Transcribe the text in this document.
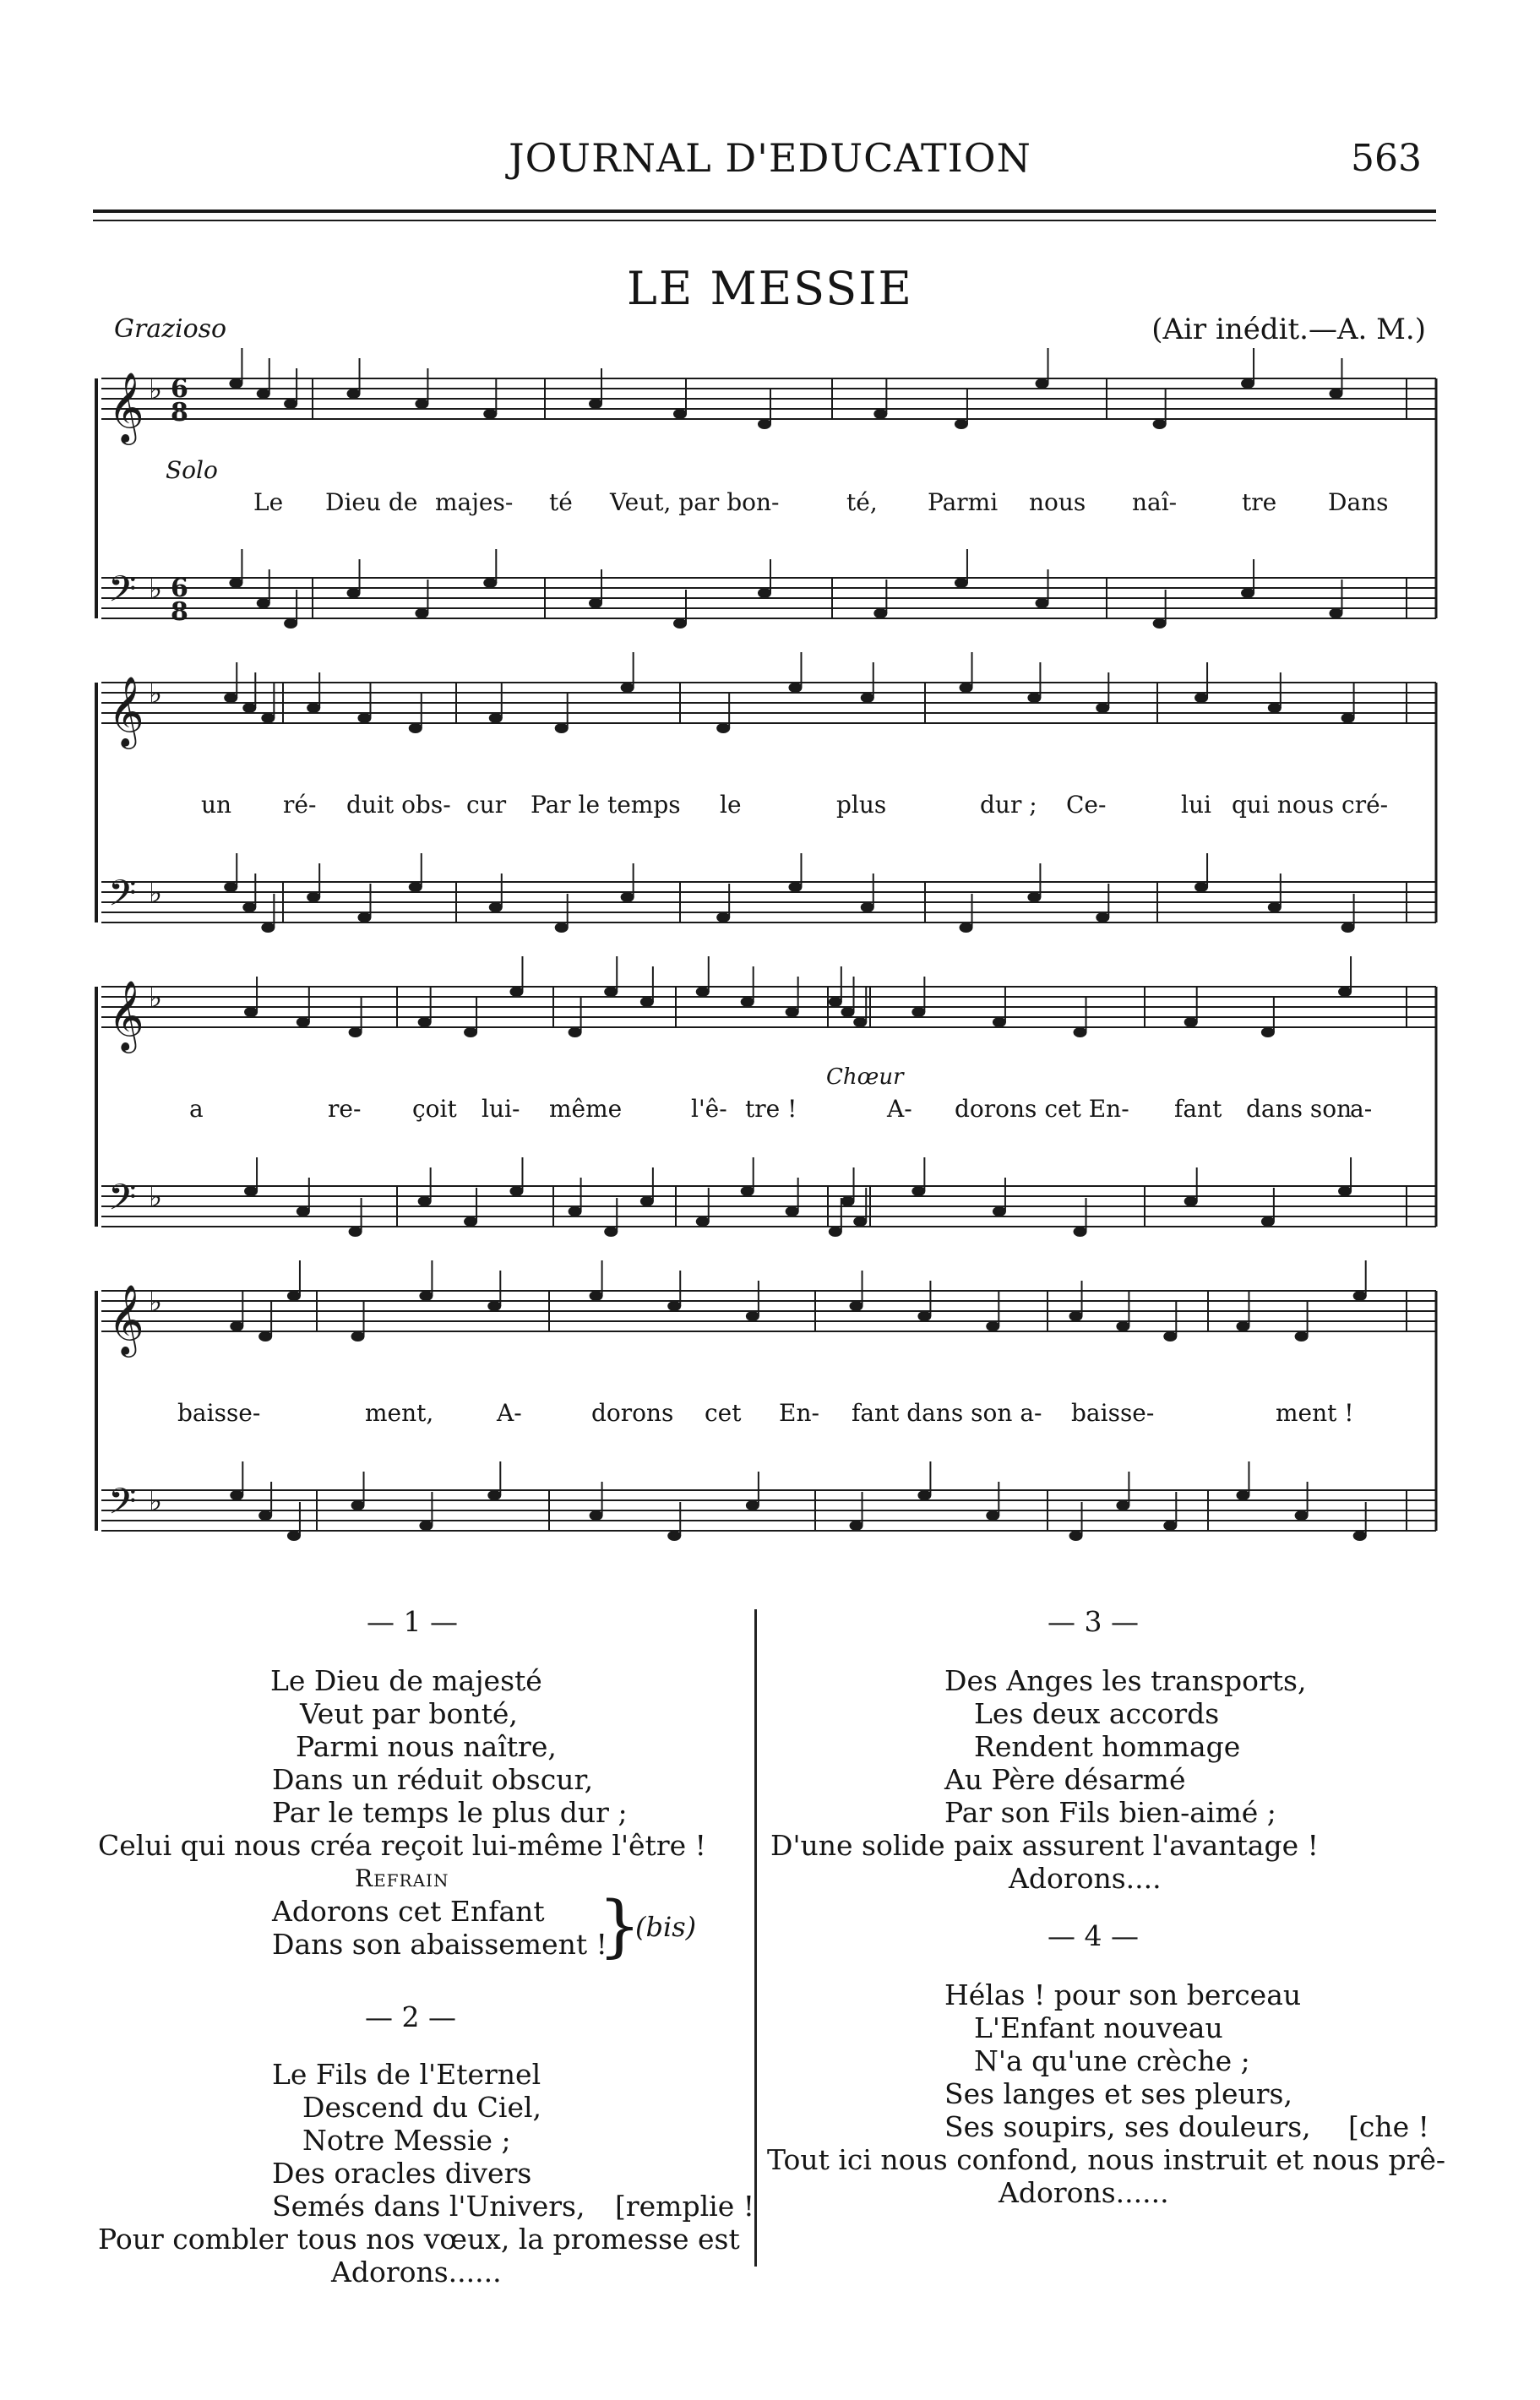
JOURNAL D'EDUCATION	563
LE MESSIE
Grazioso	(Air inédit.—A. M.)
𝄞 ♭ 6
8
𝄢 ♭ 6
8
𝄞 ♭
𝄢 ♭
𝄞 ♭
𝄢 ♭
𝄞 ♭
𝄢 ♭
Solo
Chœur
Le Dieu de majes- té Veut, par bon-	té, Parmi nous naî-	tre Dans
un ré- duit obs- cur Par le temps le	plus	dur ; Ce-	lui qui nous cré-
a	re- çoit lui- même	l'ê- tre !	A- dorons cet En- fant dans son
a-
baisse-	ment,	A-	dorons cet En- fant dans son a- baisse-	ment !
— 1 —
Le Dieu de majesté
Veut par bonté,
Parmi nous naître,
Dans un réduit obscur,
Par le temps le plus dur ;
Celui qui nous créa reçoit lui-même l'être !
Refrain
Adorons cet Enfant
Dans son abaissement !
}
(bis)
— 2 —
Le Fils de l'Eternel
Descend du Ciel,
Notre Messie ;
Des oracles divers
Semés dans l'Univers,
Pour combler tous nos vœux, la promesse est
Adorons......
[remplie !
— 3 —
Des Anges les transports,
Les deux accords
Rendent hommage
Au Père désarmé
Par son Fils bien-aimé ;
D'une solide paix assurent l'avantage !
Adorons....
— 4 —
Hélas ! pour son berceau
L'Enfant nouveau
N'a qu'une crèche ;
Ses langes et ses pleurs,
Ses soupirs, ses douleurs,
Tout ici nous confond, nous instruit et nous prê-
Adorons......
[che !
